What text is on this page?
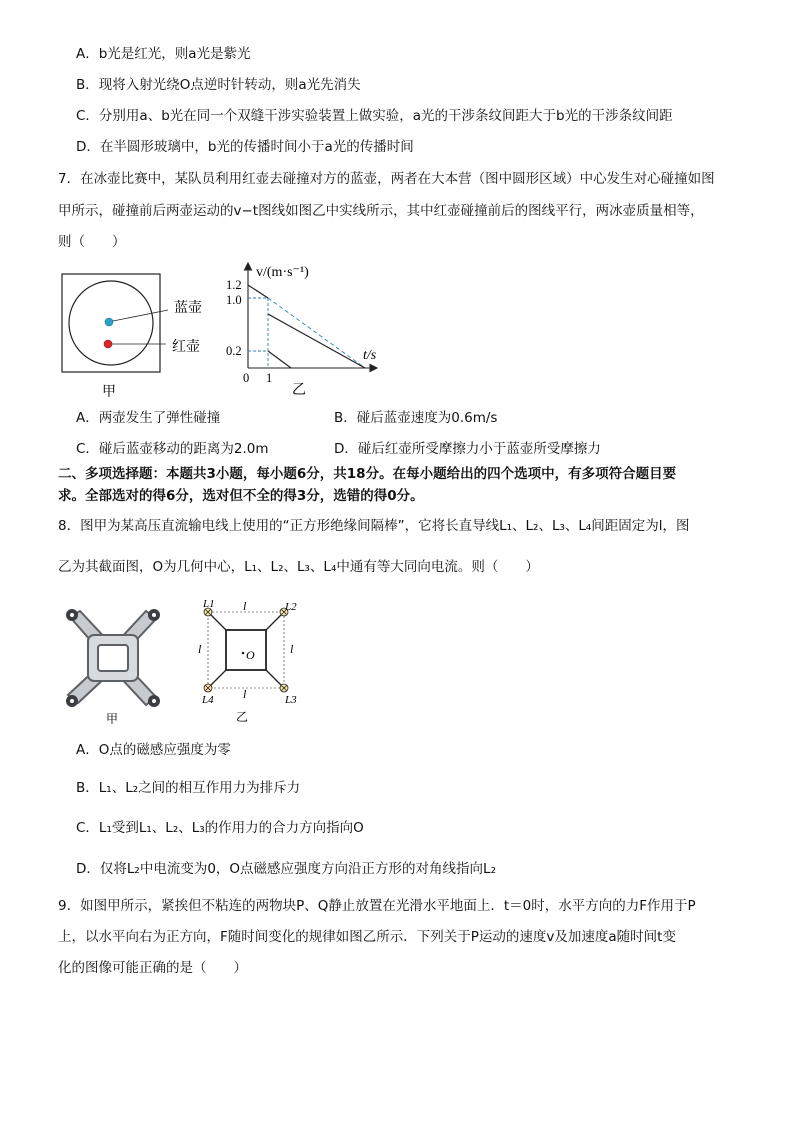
A．b光是红光，则a光是紫光
B．现将入射光绕O点逆时针转动，则a光先消失
C．分别用a、b光在同一个双缝干涉实验装置上做实验，a光的干涉条纹间距大于b光的干涉条纹间距
D．在半圆形玻璃中，b光的传播时间小于a光的传播时间
7．在冰壶比赛中，某队员利用红壶去碰撞对方的蓝壶，两者在大本营（图中圆形区域）中心发生对心碰撞如图
甲所示，碰撞前后两壶运动的v−t图线如图乙中实线所示，其中红壶碰撞前后的图线平行，两冰壶质量相等，
则（　　）
蓝壶
红壶
甲
v/(m·s⁻¹)
t/s
1.2
1.0
0.2
0 1
乙
A．两壶发生了弹性碰撞	B．碰后蓝壶速度为0.6m/s
C．碰后蓝壶移动的距离为2.0m	D．碰后红壶所受摩擦力小于蓝壶所受摩擦力
二、多项选择题：本题共3小题，每小题6分，共18分。在每小题给出的四个选项中，有多项符合题目要
求。全部选对的得6分，选对但不全的得3分，选错的得0分。
8．图甲为某高压直流输电线上使用的“正方形绝缘间隔棒”，它将长直导线L₁、L₂、L₃、L₄间距固定为l，图
乙为其截面图，O为几何中心，L₁、L₂、L₃、L₄中通有等大同向电流。则（　　）
甲
L1	L2
L3
L4
l
l
l	l
O
乙
A．O点的磁感应强度为零
B．L₁、L₂之间的相互作用力为排斥力
C．L₁受到L₁、L₂、L₃的作用力的合力方向指向O
D．仅将L₂中电流变为0，O点磁感应强度方向沿正方形的对角线指向L₂
9．如图甲所示，紧挨但不粘连的两物块P、Q静止放置在光滑水平地面上．t＝0时，水平方向的力F作用于P
上，以水平向右为正方向，F随时间变化的规律如图乙所示．下列关于P运动的速度v及加速度a随时间t变
化的图像可能正确的是（　　）
